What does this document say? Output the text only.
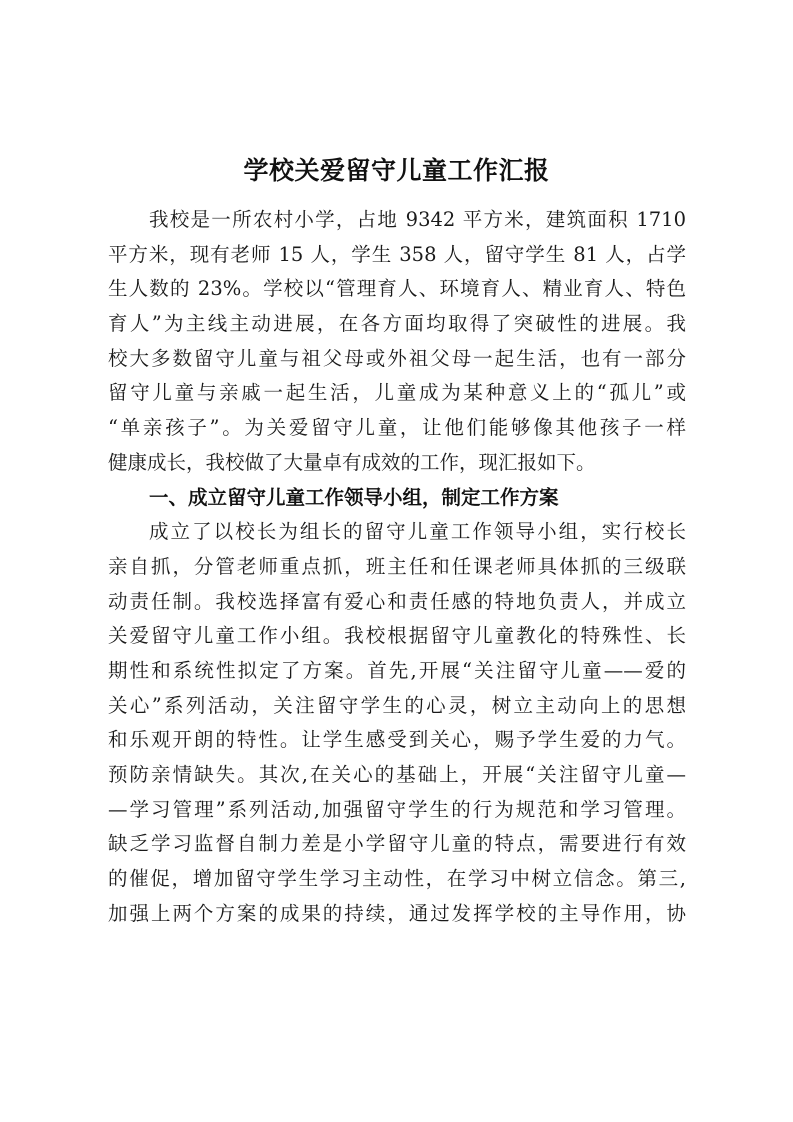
学校关爱留守儿童工作汇报
我校是一所农村小学，占地 9342 平方米，建筑面积 1710
平方米，现有老师 15 人，学生 358 人，留守学生 81 人，占学
生人数的 23%。学校以“管理育人、环境育人、精业育人、特色
育人”为主线主动进展，在各方面均取得了突破性的进展。我
校大多数留守儿童与祖父母或外祖父母一起生活，也有一部分
留守儿童与亲戚一起生活，儿童成为某种意义上的“孤儿”或
“单亲孩子”。为关爱留守儿童，让他们能够像其他孩子一样
健康成长，我校做了大量卓有成效的工作，现汇报如下。
一、成立留守儿童工作领导小组，制定工作方案
成立了以校长为组长的留守儿童工作领导小组，实行校长
亲自抓，分管老师重点抓，班主任和任课老师具体抓的三级联
动责任制。我校选择富有爱心和责任感的特地负责人，并成立
关爱留守儿童工作小组。我校根据留守儿童教化的特殊性、长
期性和系统性拟定了方案。首先,开展“关注留守儿童——爱的
关心”系列活动，关注留守学生的心灵，树立主动向上的思想
和乐观开朗的特性。让学生感受到关心，赐予学生爱的力气。
预防亲情缺失。其次,在关心的基础上，开展“关注留守儿童—
—学习管理”系列活动,加强留守学生的行为规范和学习管理。
缺乏学习监督自制力差是小学留守儿童的特点，需要进行有效
的催促，增加留守学生学习主动性，在学习中树立信念。第三,
加强上两个方案的成果的持续，通过发挥学校的主导作用，协
